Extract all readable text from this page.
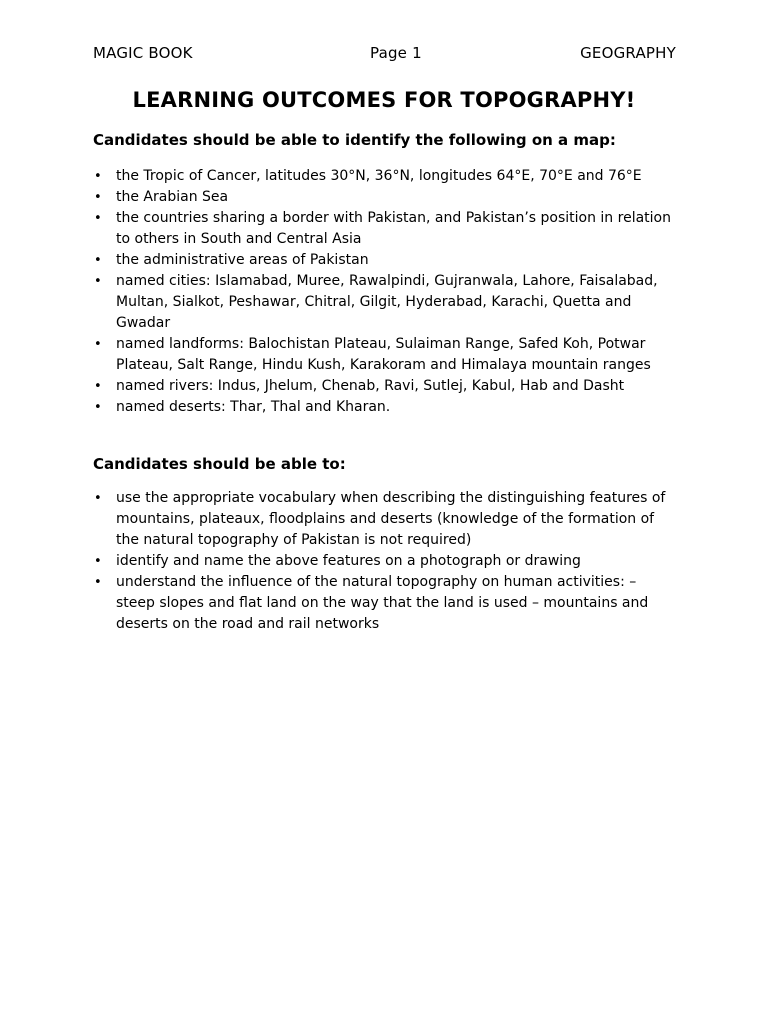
MAGIC BOOK	Page 1	GEOGRAPHY
LEARNING OUTCOMES FOR TOPOGRAPHY!
Candidates should be able to identify the following on a map:
• the Tropic of Cancer, latitudes 30°N, 36°N, longitudes 64°E, 70°E and 76°E
• the Arabian Sea
• the countries sharing a border with Pakistan, and Pakistan’s position in relation to others in South and Central Asia
• the administrative areas of Pakistan
• named cities: Islamabad, Muree, Rawalpindi, Gujranwala, Lahore, Faisalabad, Multan, Sialkot, Peshawar, Chitral, Gilgit, Hyderabad, Karachi, Quetta and Gwadar
• named landforms: Balochistan Plateau, Sulaiman Range, Safed Koh, Potwar Plateau, Salt Range, Hindu Kush, Karakoram and Himalaya mountain ranges
• named rivers: Indus, Jhelum, Chenab, Ravi, Sutlej, Kabul, Hab and Dasht
• named deserts: Thar, Thal and Kharan.
Candidates should be able to:
• use the appropriate vocabulary when describing the distinguishing features of mountains, plateaux, floodplains and deserts (knowledge of the formation of the natural topography of Pakistan is not required)
• identify and name the above features on a photograph or drawing
• understand the influence of the natural topography on human activities: – steep slopes and flat land on the way that the land is used – mountains and deserts on the road and rail networks
